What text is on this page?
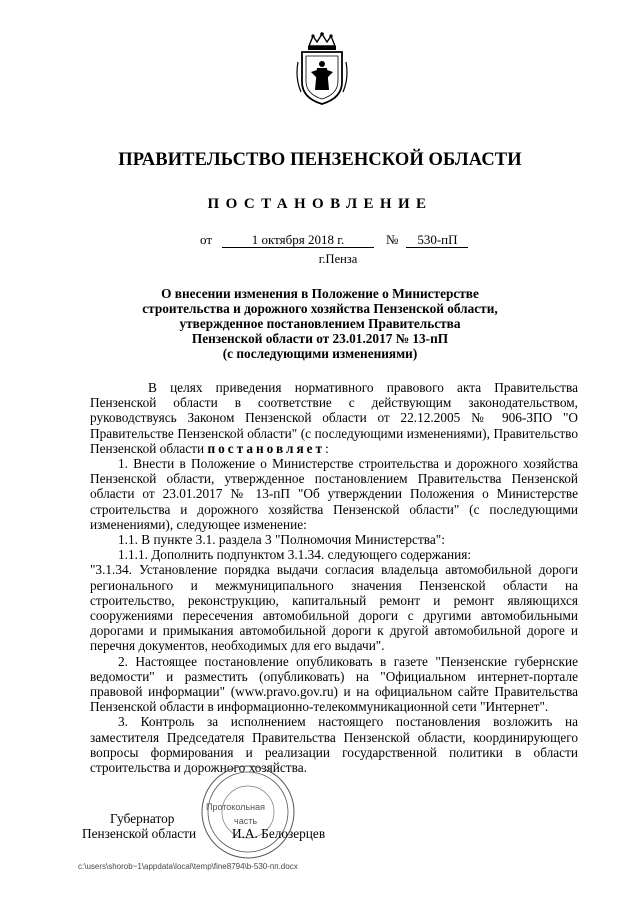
ПРАВИТЕЛЬСТВО ПЕНЗЕНСКОЙ ОБЛАСТИ
ПОСТАНОВЛЕНИЕ
от	1 октября 2018 г.	№ 530-пП
г.Пенза
О внесении изменения в Положение о Министерстве
строительства и дорожного хозяйства Пензенской области,
утвержденное постановлением Правительства
Пензенской области от 23.01.2017 № 13-пП
(с последующими изменениями)

В целях приведения нормативного правового акта Правительства Пензенской области в соответствие с действующим законодательством, руководствуясь Законом Пензенской области от 22.12.2005 № 906-ЗПО "О Правительстве Пензенской области" (с последующими изменениями), Правительство Пензенской области постановляет:

1. Внести в Положение о Министерстве строительства и дорожного хозяйства Пензенской области, утвержденное постановлением Правительства Пензенской области от 23.01.2017 № 13-пП "Об утверждении Положения о Министерстве строительства и дорожного хозяйства Пензенской области" (с последующими изменениями), следующее изменение:

1.1. В пункте 3.1. раздела 3 "Полномочия Министерства":

1.1.1. Дополнить подпунктом 3.1.34. следующего содержания:

"3.1.34. Установление порядка выдачи согласия владельца автомобильной дороги регионального и межмуниципального значения Пензенской области на строительство, реконструкцию, капитальный ремонт и ремонт являющихся сооружениями пересечения автомобильной дороги с другими автомобильными дорогами и примыкания автомобильной дороги к другой автомобильной дороге и перечня документов, необходимых для его выдачи".

2. Настоящее постановление опубликовать в газете "Пензенские губернские ведомости" и разместить (опубликовать) на "Официальном интернет-портале правовой информации" (www.pravo.gov.ru) и на официальном сайте Правительства Пензенской области в информационно-телекоммуникационной сети "Интернет".

3. Контроль за исполнением настоящего постановления возложить на заместителя Председателя Правительства Пензенской области, координирующего вопросы формирования и реализации государственной политики в области строительства и дорожного хозяйства.

Протокольная
часть
Губернатор
Пензенской области	И.А. Белозерцев
c:\users\shorob~1\appdata\local\temp\fine8794\b-530-пп.docx
